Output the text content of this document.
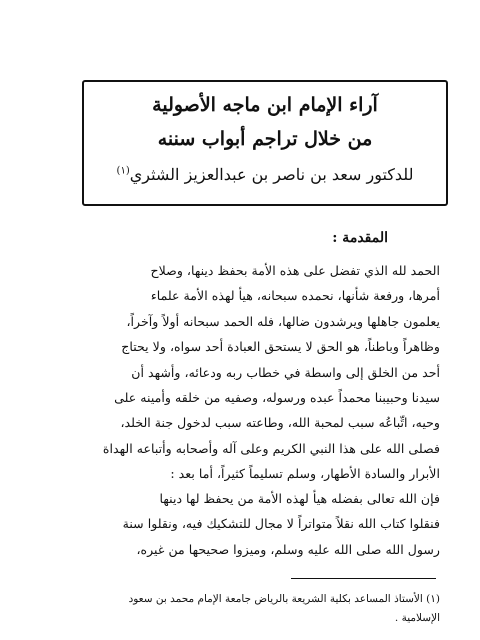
آراء الإمام ابن ماجه الأصولية
من خلال تراجم أبواب سننه
للدكتور سعد بن ناصر بن عبدالعزيز الشثري$^{(١)}$
المقدمة :
الحمد لله الذي تفضل على هذه الأمة بحفظ دينها، وصلاح
أمرها، ورفعة شأنها، نحمده سبحانه، هيأ لهذه الأمة علماء
يعلمون جاهلها ويرشدون ضالها، فله الحمد سبحانه أولاً وآخراً،
وظاهراً وباطناً، هو الحق لا يستحق العبادة أحد سواه، ولا يحتاج
أحد من الخلق إلى واسطة في خطاب ربه ودعائه، وأشهد أن
سيدنا وحبيبنا محمداً عبده ورسوله، وصفيه من خلقه وأمينه على
وحيه، اتِّباعُه سبب لمحبة الله، وطاعته سبب لدخول جنة الخلد،
فصلى الله على هذا النبي الكريم وعلى آله وأصحابه وأتباعه الهداة
الأبرار والسادة الأطهار، وسلم تسليماً كثيراً، أما بعد :
فإن الله تعالى بفضله هيأ لهذه الأمة من يحفظ لها دينها
فنقلوا كتاب الله نقلاً متواتراً لا مجال للتشكيك فيه، ونقلوا سنة
رسول الله صلى الله عليه وسلم، وميزوا صحيحها من غيره،
(١) الأستاذ المساعد بكلية الشريعة بالرياض جامعة الإمام محمد بن سعود
الإسلامية .
